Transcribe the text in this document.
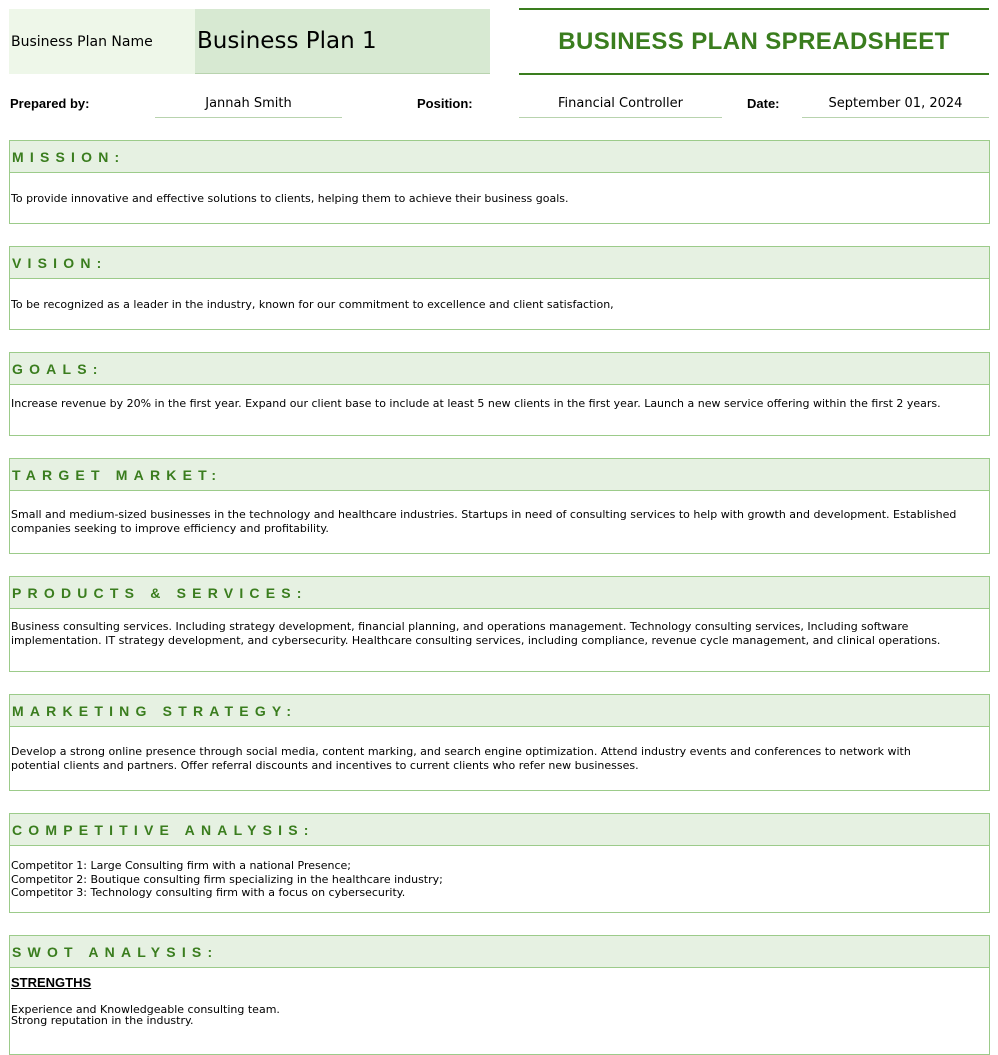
Business Plan Name	Business Plan 1	BUSINESS PLAN SPREADSHEET
Prepared by:	Jannah Smith	Position:	Financial Controller	Date:	September 01, 2024
MISSION:
To provide innovative and effective solutions to clients, helping them to achieve their business goals.
VISION:
To be recognized as a leader in the industry, known for our commitment to excellence and client satisfaction,
GOALS:
Increase revenue by 20% in the first year. Expand our client base to include at least 5 new clients in the first year. Launch a new service offering within the first 2 years.
TARGET MARKET:
Small and medium-sized businesses in the technology and healthcare industries. Startups in need of consulting services to help with growth and development. Established companies seeking to improve efficiency and profitability.
PRODUCTS & SERVICES:
Business consulting services. Including strategy development, financial planning, and operations management. Technology consulting services, Including software implementation. IT strategy development, and cybersecurity. Healthcare consulting services, including compliance, revenue cycle management, and clinical operations.
MARKETING STRATEGY:
Develop a strong online presence through social media, content marking, and search engine optimization. Attend industry events and conferences to network with potential clients and partners. Offer referral discounts and incentives to current clients who refer new businesses.
COMPETITIVE ANALYSIS:
Competitor 1: Large Consulting firm with a national Presence;
Competitor 2: Boutique consulting firm specializing in the healthcare industry;
Competitor 3: Technology consulting firm with a focus on cybersecurity.
SWOT ANALYSIS:
STRENGTHS
Experience and Knowledgeable consulting team.
Strong reputation in the industry.
